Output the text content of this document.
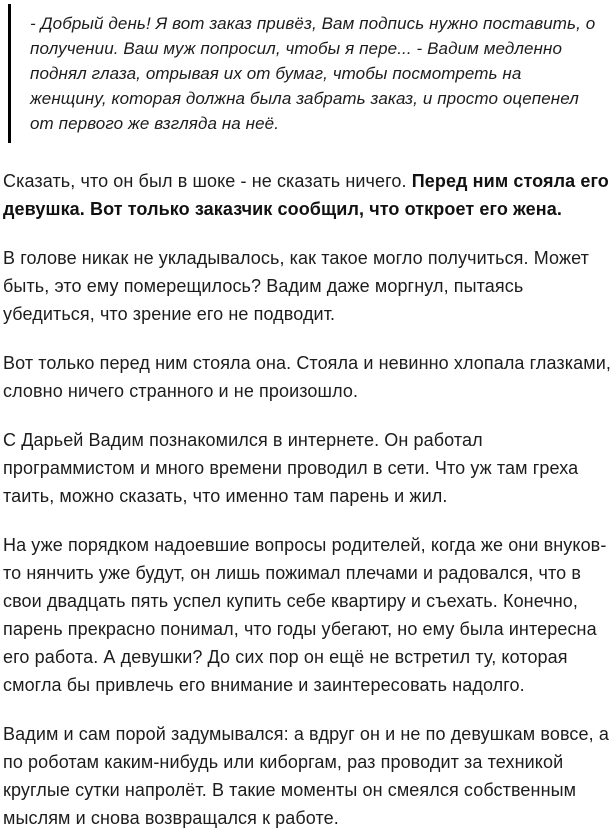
- Добрый день! Я вот заказ привёз, Вам подпись нужно поставить, о получении. Ваш муж попросил, чтобы я пере... - Вадим медленно поднял глаза, отрывая их от бумаг, чтобы посмотреть на женщину, которая должна была забрать заказ, и просто оцепенел от первого же взгляда на неё.

Сказать, что он был в шоке - не сказать ничего. Перед ним стояла его девушка. Вот только заказчик сообщил, что откроет его жена.

В голове никак не укладывалось, как такое могло получиться. Может быть, это ему померещилось? Вадим даже моргнул, пытаясь убедиться, что зрение его не подводит.

Вот только перед ним стояла она. Стояла и невинно хлопала глазками, словно ничего странного и не произошло.

С Дарьей Вадим познакомился в интернете. Он работал программистом и много времени проводил в сети. Что уж там греха таить, можно сказать, что именно там парень и жил.

На уже порядком надоевшие вопросы родителей, когда же они внуков-то нянчить уже будут, он лишь пожимал плечами и радовался, что в свои двадцать пять успел купить себе квартиру и съехать. Конечно, парень прекрасно понимал, что годы убегают, но ему была интересна его работа. А девушки? До сих пор он ещё не встретил ту, которая смогла бы привлечь его внимание и заинтересовать надолго.

Вадим и сам порой задумывался: а вдруг он и не по девушкам вовсе, а по роботам каким-нибудь или киборгам, раз проводит за техникой круглые сутки напролёт. В такие моменты он смеялся собственным мыслям и снова возвращался к работе.
